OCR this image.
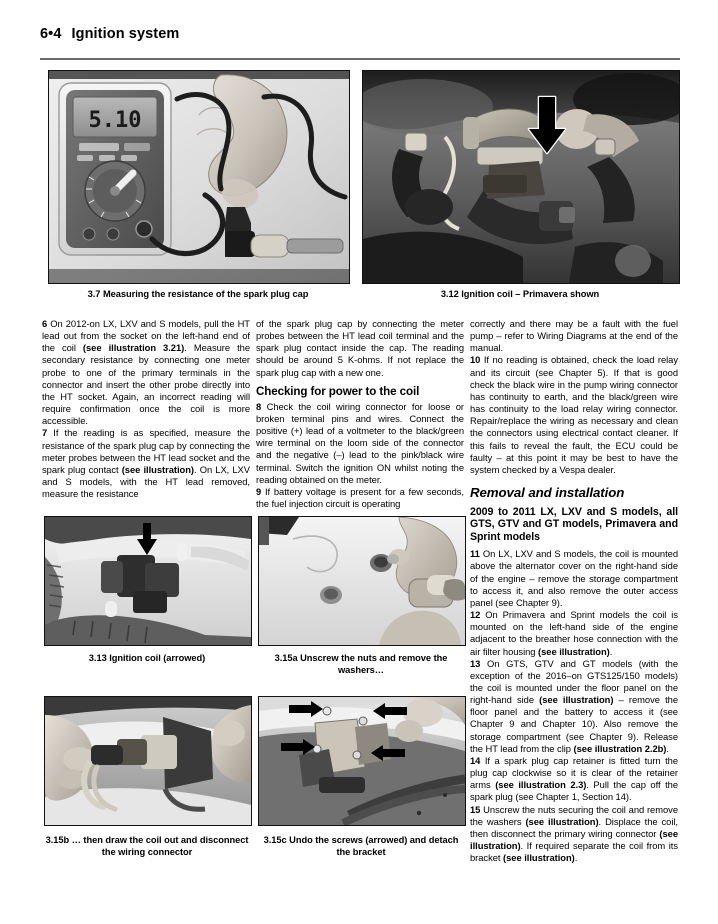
6•4 Ignition system
5.10
3.7 Measuring the resistance of the spark plug cap	3.12 Ignition coil – Primavera shown

6 On 2012-on LX, LXV and S models, pull the HT lead out from the socket on the left-hand end of the coil (see illustration 3.21). Measure the secondary resistance by connecting one meter probe to one of the primary terminals in the connector and insert the other probe directly into the HT socket. Again, an incorrect reading will require confirmation once the coil is more accessible.

7 If the reading is as specified, measure the resistance of the spark plug cap by connecting the meter probes between the HT lead socket and the spark plug contact (see illustration). On LX, LXV and S models, with the HT lead removed, measure the resistance

of the spark plug cap by connecting the meter probes between the HT lead coil terminal and the spark plug contact inside the cap. The reading should be around 5 K-ohms. If not replace the spark plug cap with a new one.

Checking for power to the coil

8 Check the coil wiring connector for loose or broken terminal pins and wires. Connect the positive (+) lead of a voltmeter to the black/green wire terminal on the loom side of the connector and the negative (–) lead to the pink/black wire terminal. Switch the ignition ON whilst noting the reading obtained on the meter.

9 If battery voltage is present for a few seconds, the fuel injection circuit is operating

correctly and there may be a fault with the fuel pump – refer to Wiring Diagrams at the end of the manual.

10 If no reading is obtained, check the load relay and its circuit (see Chapter 5). If that is good check the black wire in the pump wiring connector has continuity to earth, and the black/green wire has continuity to the load relay wiring connector. Repair/replace the wiring as necessary and clean the connectors using electrical contact cleaner. If this fails to reveal the fault, the ECU could be faulty – at this point it may be best to have the system checked by a Vespa dealer.

Removal and installation
2009 to 2011 LX, LXV and S models, all GTS, GTV and GT models, Primavera and Sprint models

11 On LX, LXV and S models, the coil is mounted above the alternator cover on the right-hand side of the engine – remove the storage compartment to access it, and also remove the outer access panel (see Chapter 9).

12 On Primavera and Sprint models the coil is mounted on the left-hand side of the engine adjacent to the breather hose connection with the air filter housing (see illustration).

13 On GTS, GTV and GT models (with the exception of the 2016–on GTS125/150 models) the coil is mounted under the floor panel on the right-hand side (see illustration) – remove the floor panel and the battery to access it (see Chapter 9 and Chapter 10). Also remove the storage compartment (see Chapter 9). Release the HT lead from the clip (see illustration 2.2b).

14 If a spark plug cap retainer is fitted turn the plug cap clockwise so it is clear of the retainer arms (see illustration 2.3). Pull the cap off the spark plug (see Chapter 1, Section 14).

15 Unscrew the nuts securing the coil and remove the washers (see illustration). Displace the coil, then disconnect the primary wiring connector (see illustration). If required separate the coil from its bracket (see illustration).

3.13 Ignition coil (arrowed)	3.15a Unscrew the nuts and remove the washers…
3.15b … then draw the coil out and disconnect the wiring connector
3.15c Undo the screws (arrowed) and detach the bracket
